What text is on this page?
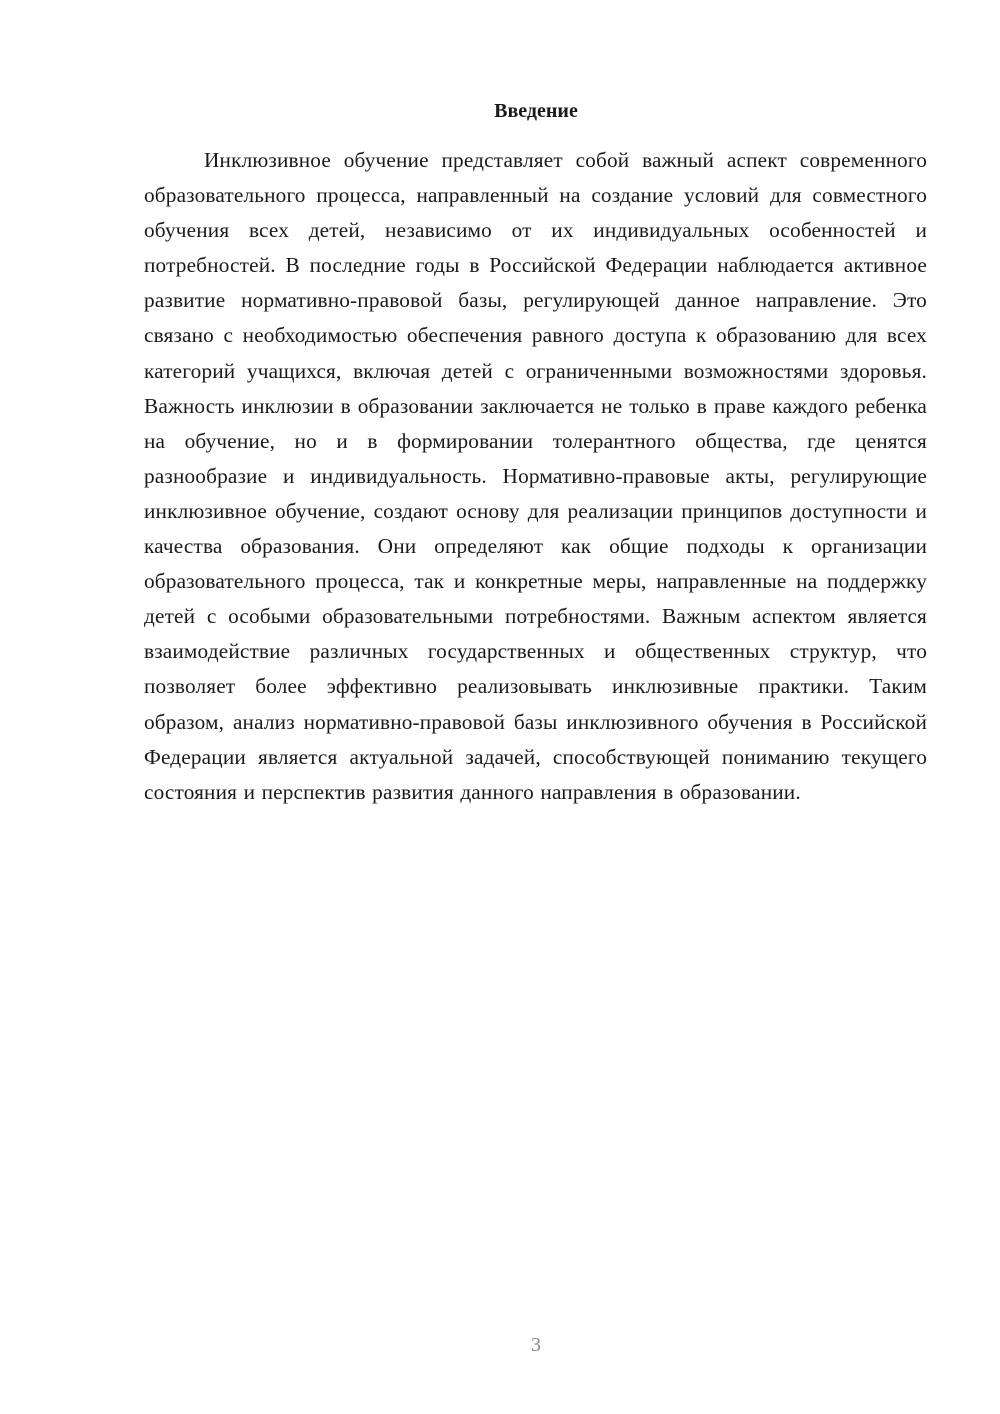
Введение

Инклюзивное обучение представляет собой важный аспект современного образовательного процесса, направленный на создание условий для совместного обучения всех детей, независимо от их индивидуальных особенностей и потребностей. В последние годы в Российской Федерации наблюдается активное развитие нормативно-правовой базы, регулирующей данное направление. Это связано с необходимостью обеспечения равного доступа к образованию для всех категорий учащихся, включая детей с ограниченными возможностями здоровья. Важность инклюзии в образовании заключается не только в праве каждого ребенка на обучение, но и в формировании толерантного общества, где ценятся разнообразие и индивидуальность. Нормативно-правовые акты, регулирующие инклюзивное обучение, создают основу для реализации принципов доступности и качества образования. Они определяют как общие подходы к организации образовательного процесса, так и конкретные меры, направленные на поддержку детей с особыми образовательными потребностями. Важным аспектом является взаимодействие различных государственных и общественных структур, что позволяет более эффективно реализовывать инклюзивные практики. Таким образом, анализ нормативно-правовой базы инклюзивного обучения в Российской Федерации является актуальной задачей, способствующей пониманию текущего состояния и перспектив развития данного направления в образовании.

3
